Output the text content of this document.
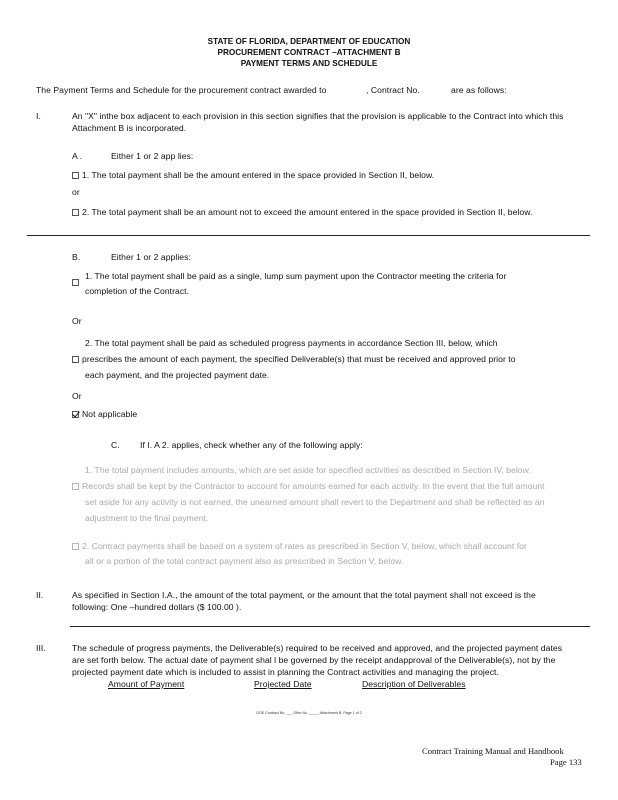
STATE OF FLORIDA, DEPARTMENT OF EDUCATION
PROCUREMENT CONTRACT –ATTACHMENT B
PAYMENT TERMS AND SCHEDULE
The Payment Terms and Schedule for the procurement contract awarded to	, Contract No.	are as follows:
I.	An "X" inthe box adjacent to each provision in this section signifies that the provision is applicable to the Contract into which this
Attachment B is incorporated.
A .	Either 1 or 2 app lies:
1. The total payment shall be the amount entered in the space provided in Section II, below.
or
2. The total payment shall be an amount not to exceed the amount entered in the space provided in Section II, below.
B.	Either 1 or 2 applies:
1. The total payment shall be paid as a single, lump sum payment upon the Contractor meeting the criteria for
completion of the Contract.
Or
2. The total payment shall be paid as scheduled progress payments in accordance Section III, below, which
prescribes the amount of each payment, the specified Deliverable(s) that must be received and approved prior to
each payment, and the projected payment date.
Or
Not applicable
C. If I. A 2. applies, check whether any of the following apply:
1. The total payment includes amounts, which are set aside for specified activities as described in Section IV, below.
Records shall be kept by the Contractor to account for amounts earned for each activity. In the event that the full amount
set aside for any activity is not earned, the unearned amount shall revert to the Department and shall be reflected as an
adjustment to the final payment.
2. Contract payments shall be based on a system of rates as prescribed in Section V, below, which shall account for
all or a portion of the total contract payment also as prescribed in Section V, below.
II.	As specified in Section I.A., the amount of the total payment, or the amount that the total payment shall not exceed is the
following: One –hundred dollars ($ 100.00 ).
III.	The schedule of progress payments, the Deliverable(s) required to be received and approved, and the projected payment dates
are set forth below. The actual date of payment shal l be governed by the receipt andapproval of the Deliverable(s), not by the
projected payment date which is included to assist in planning the Contract activities and managing the project.
Amount of Payment	Projected Date	Description of Deliverables
DOE Contract No. ___ Offer No. _____ Attachment B, Page 1 of 2
Contract Training Manual and Handbook
Page 133
